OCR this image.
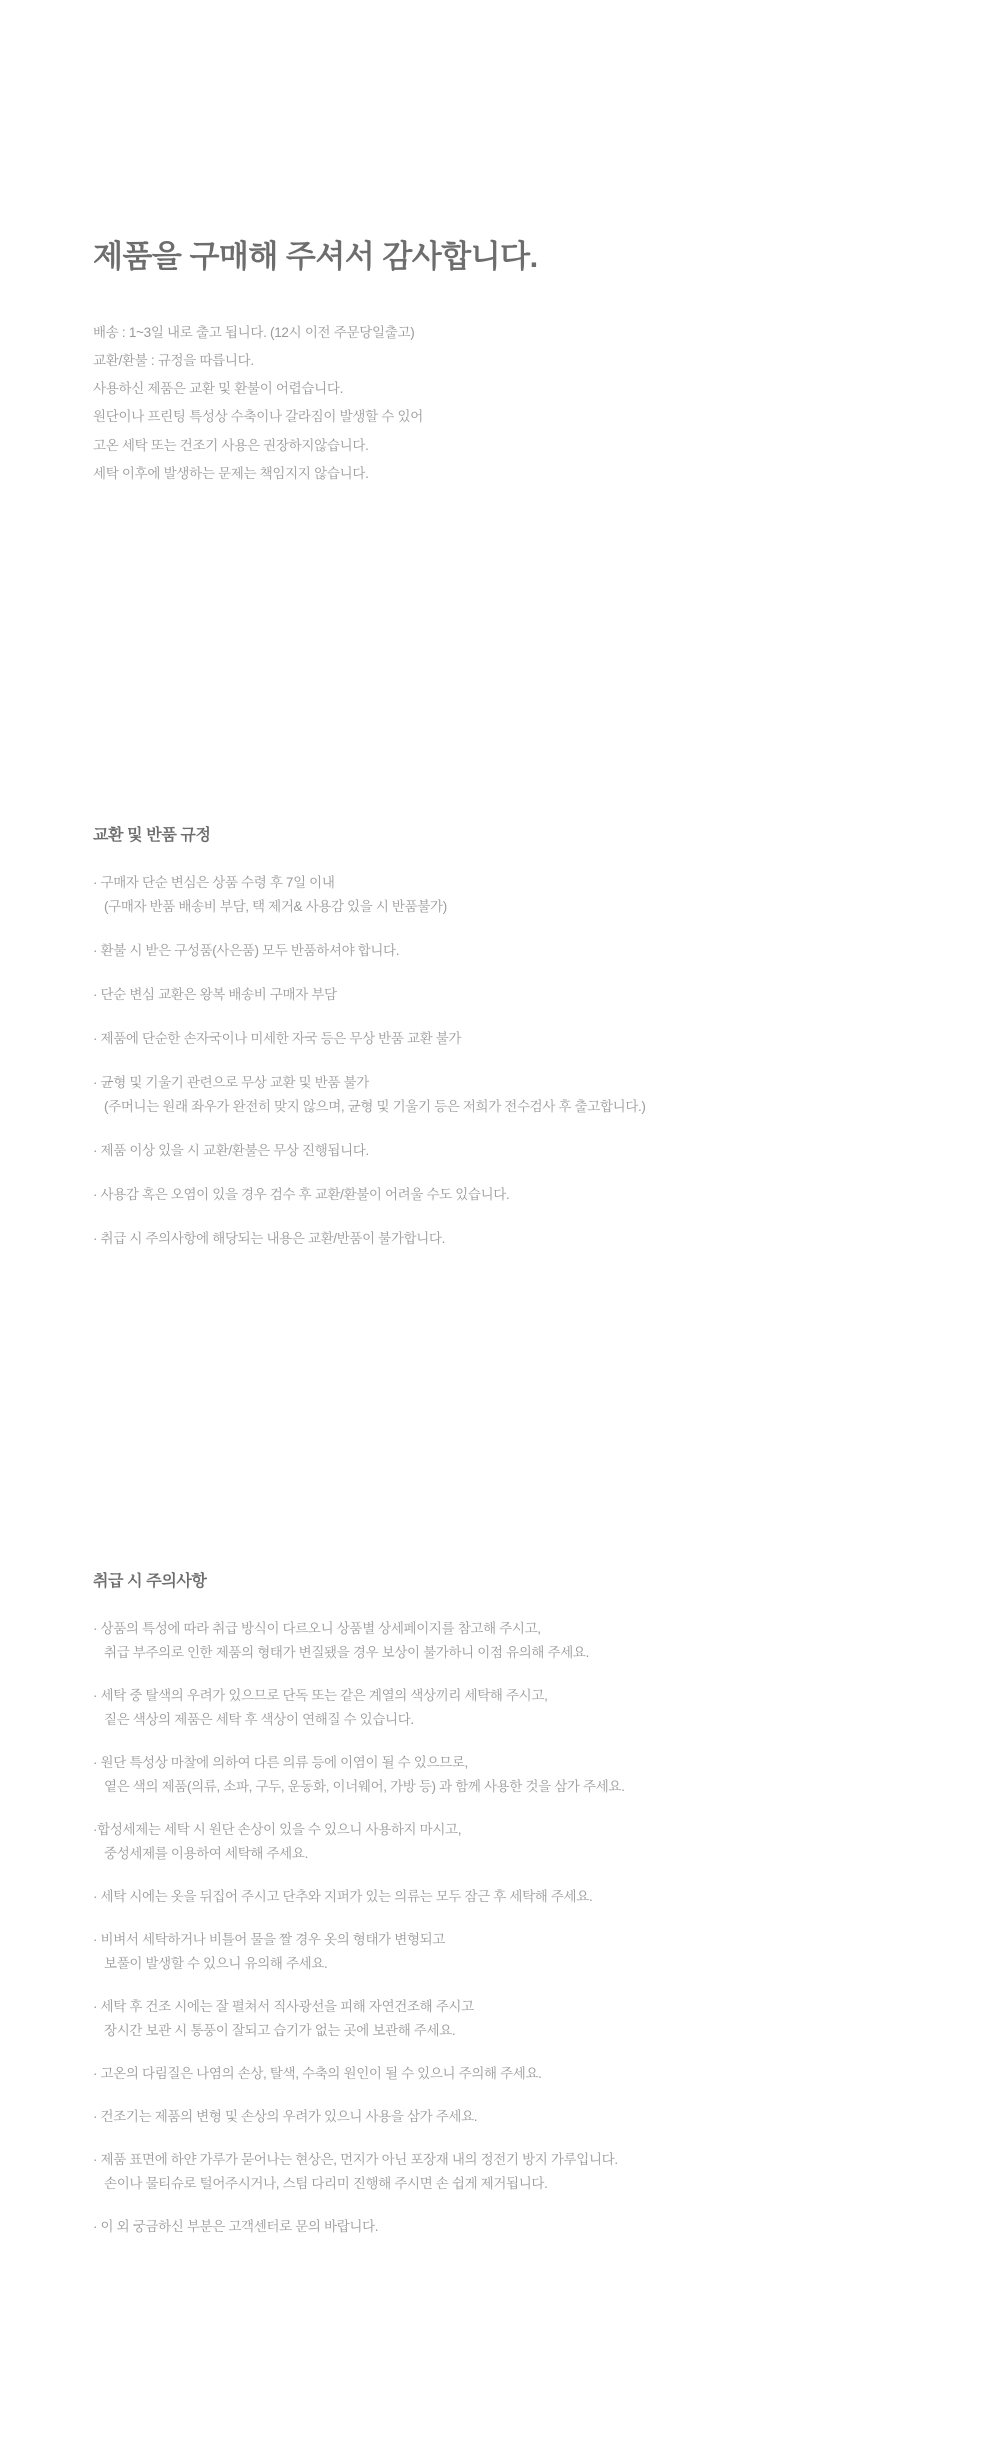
제품을 구매해 주셔서 감사합니다.
배송 : 1~3일 내로 출고 됩니다. (12시 이전 주문당일출고)
교환/환불 : 규정을 따릅니다.
사용하신 제품은 교환 및 환불이 어렵습니다.
원단이나 프린팅 특성상 수축이나 갈라짐이 발생할 수 있어
고온 세탁 또는 건조기 사용은 권장하지않습니다.
세탁 이후에 발생하는 문제는 책임지지 않습니다.
교환 및 반품 규정
· 구매자 단순 변심은 상품 수령 후 7일 이내
(구매자 반품 배송비 부담, 택 제거& 사용감 있을 시 반품불가)
· 환불 시 받은 구성품(사은품) 모두 반품하셔야 합니다.
· 단순 변심 교환은 왕복 배송비 구매자 부담
· 제품에 단순한 손자국이나 미세한 자국 등은 무상 반품 교환 불가
· 균형 및 기울기 관련으로 무상 교환 및 반품 불가
(주머니는 원래 좌우가 완전히 맞지 않으며, 균형 및 기울기 등은 저희가 전수검사 후 출고합니다.)
· 제품 이상 있을 시 교환/환불은 무상 진행됩니다.
· 사용감 혹은 오염이 있을 경우 검수 후 교환/환불이 어려울 수도 있습니다.
· 취급 시 주의사항에 해당되는 내용은 교환/반품이 불가합니다.
취급 시 주의사항
· 상품의 특성에 따라 취급 방식이 다르오니 상품별 상세페이지를 참고해 주시고,
취급 부주의로 인한 제품의 형태가 변질됐을 경우 보상이 불가하니 이점 유의해 주세요.
· 세탁 중 탈색의 우려가 있으므로 단독 또는 같은 계열의 색상끼리 세탁해 주시고,
짙은 색상의 제품은 세탁 후 색상이 연해질 수 있습니다.
· 원단 특성상 마찰에 의하여 다른 의류 등에 이염이 될 수 있으므로,
옅은 색의 제품(의류, 소파, 구두, 운동화, 이너웨어, 가방 등) 과 함께 사용한 것을 삼가 주세요.
·합성세제는 세탁 시 원단 손상이 있을 수 있으니 사용하지 마시고,
중성세제를 이용하여 세탁해 주세요.
· 세탁 시에는 옷을 뒤집어 주시고 단추와 지퍼가 있는 의류는 모두 잠근 후 세탁해 주세요.
· 비벼서 세탁하거나 비틀어 물을 짤 경우 옷의 형태가 변형되고
보풀이 발생할 수 있으니 유의해 주세요.
· 세탁 후 건조 시에는 잘 펼쳐서 직사광선을 피해 자연건조해 주시고
장시간 보관 시 통풍이 잘되고 습기가 없는 곳에 보관해 주세요.
· 고온의 다림질은 나염의 손상, 탈색, 수축의 원인이 될 수 있으니 주의해 주세요.
· 건조기는 제품의 변형 및 손상의 우려가 있으니 사용을 삼가 주세요.
· 제품 표면에 하얀 가루가 묻어나는 현상은, 먼지가 아닌 포장재 내의 정전기 방지 가루입니다.
손이나 물티슈로 털어주시거나, 스팀 다리미 진행해 주시면 손 쉽게 제거됩니다.
· 이 외 궁금하신 부분은 고객센터로 문의 바랍니다.
